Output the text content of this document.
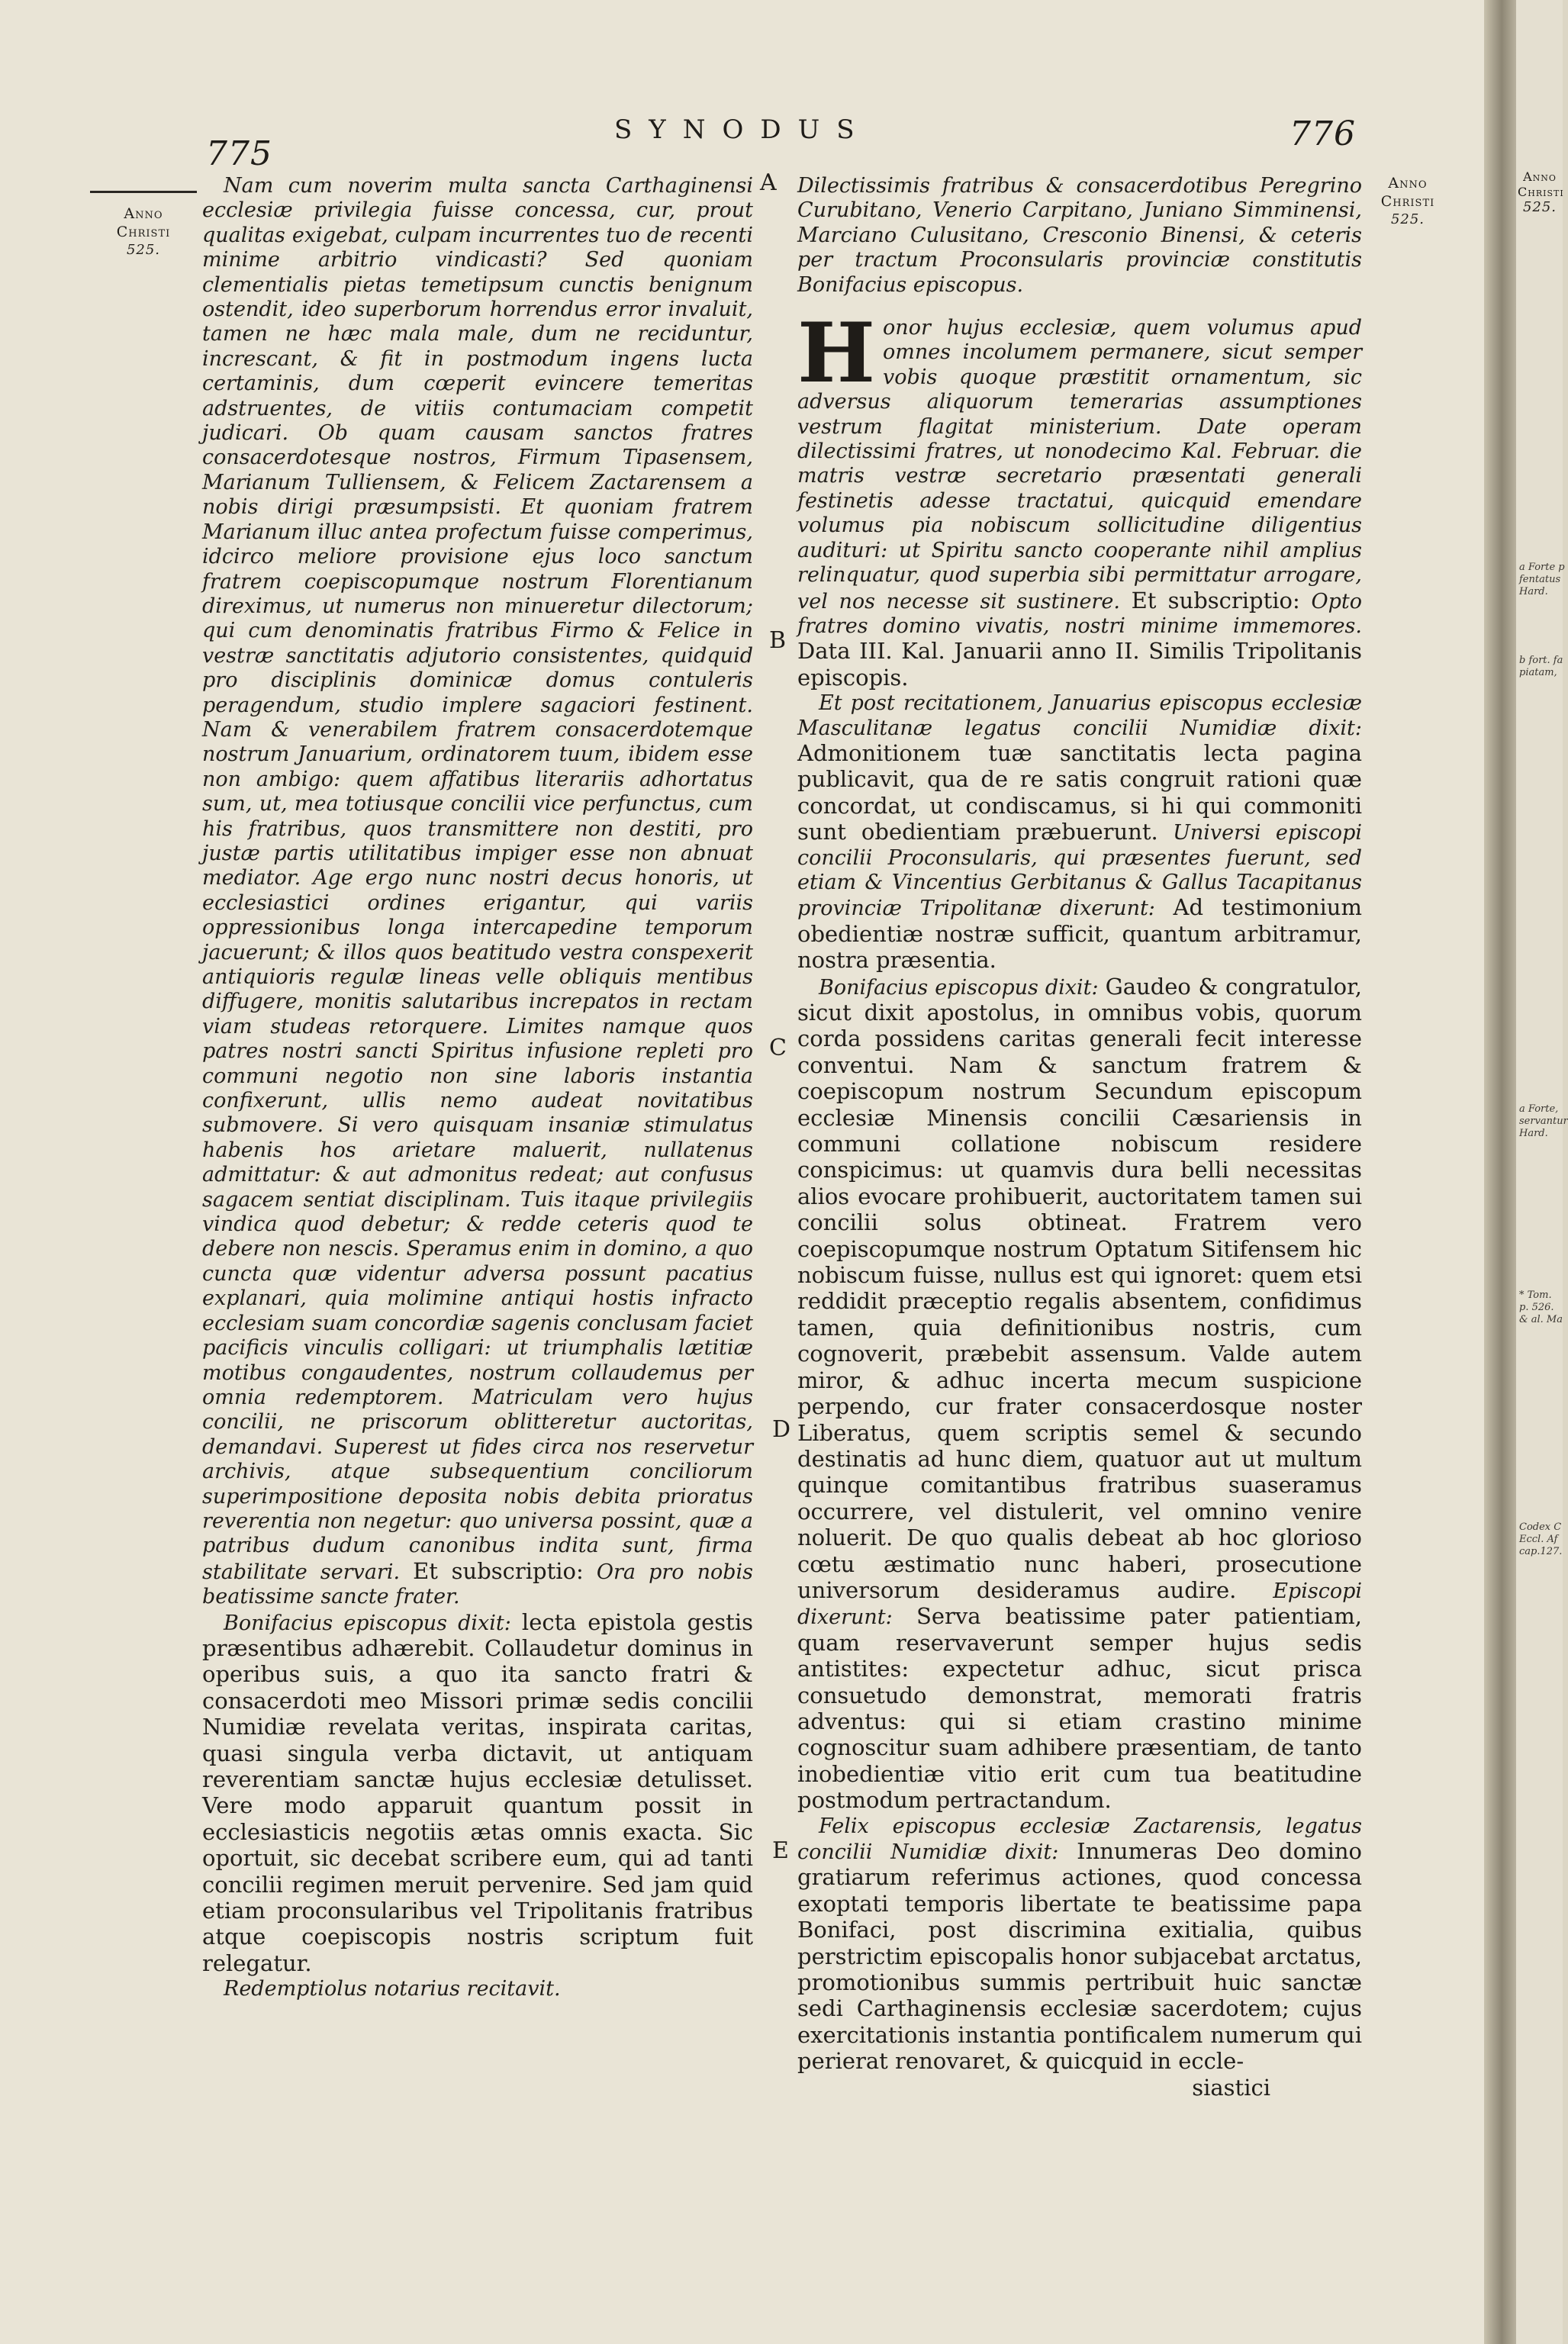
775
SYNODUS	776
Anno
Christi
525.
Anno
Christi
525.
A
B
C
D
E

Nam cum noverim multa sancta Carthaginensi ecclesiæ privilegia fuisse concessa, cur, prout qualitas exigebat, culpam incurrentes tuo de recenti minime arbitrio vindicasti? Sed quoniam clementialis pietas temetipsum cunctis benignum ostendit, ideo superborum horrendus error invaluit, tamen ne hæc mala male, dum ne reciduntur, increscant, & fit in postmodum ingens lucta certaminis, dum cœperit evincere temeritas adstruentes, de vitiis contumaciam competit judicari. Ob quam causam sanctos fratres consacerdotesque nostros, Firmum Tipasensem, Marianum Tulliensem, & Felicem Zactarensem a nobis dirigi præsumpsisti. Et quoniam fratrem Marianum illuc antea profectum fuisse comperimus, idcirco meliore provisione ejus loco sanctum fratrem coepiscopumque nostrum Florentianum direximus, ut numerus non minueretur dilectorum; qui cum denominatis fratribus Firmo & Felice in vestræ sanctitatis adjutorio consistentes, quidquid pro disciplinis dominicæ domus contuleris peragendum, studio implere sagaciori festinent. Nam & venerabilem fratrem consacerdotemque nostrum Januarium, ordinatorem tuum, ibidem esse non ambigo: quem affatibus literariis adhortatus sum, ut, mea totiusque concilii vice perfunctus, cum his fratribus, quos transmittere non destiti, pro justæ partis utilitatibus impiger esse non abnuat mediator. Age ergo nunc nostri decus honoris, ut ecclesiastici ordines erigantur, qui variis oppressionibus longa intercapedine temporum jacuerunt; & illos quos beatitudo vestra conspexerit antiquioris regulæ lineas velle obliquis mentibus diffugere, monitis salutaribus increpatos in rectam viam studeas retorquere. Limites namque quos patres nostri sancti Spiritus infusione repleti pro communi negotio non sine laboris instantia confixerunt, ullis nemo audeat novitatibus submovere. Si vero quisquam insaniæ stimulatus habenis hos arietare maluerit, nullatenus admittatur: & aut admonitus redeat; aut confusus sagacem sentiat disciplinam. Tuis itaque privilegiis vindica quod debetur; & redde ceteris quod te debere non nescis. Speramus enim in domino, a quo cuncta quæ videntur adversa possunt pacatius explanari, quia molimine antiqui hostis infracto ecclesiam suam concordiæ sagenis conclusam faciet pacificis vinculis colligari: ut triumphalis lætitiæ motibus congaudentes, nostrum collaudemus per omnia redemptorem. Matriculam vero hujus concilii, ne priscorum oblitteretur auctoritas, demandavi. Superest ut fides circa nos reservetur archivis, atque subsequentium conciliorum superimpositione deposita nobis debita prioratus reverentia non negetur: quo universa possint, quæ a patribus dudum canonibus indita sunt, firma stabilitate servari. Et subscriptio: Ora pro nobis beatissime sancte frater.

Bonifacius episcopus dixit: lecta epistola gestis præsentibus adhærebit. Collaudetur dominus in operibus suis, a quo ita sancto fratri & consacerdoti meo Missori primæ sedis concilii Numidiæ revelata veritas, inspirata caritas, quasi singula verba dictavit, ut antiquam reverentiam sanctæ hujus ecclesiæ detulisset. Vere modo apparuit quantum possit in ecclesiasticis negotiis ætas omnis exacta. Sic oportuit, sic decebat scribere eum, qui ad tanti concilii regimen meruit pervenire. Sed jam quid etiam proconsularibus vel Tripolitanis fratribus atque coepiscopis nostris scriptum fuit relegatur.

Redemptiolus notarius recitavit.

Dilectissimis fratribus & consacerdotibus Peregrino Curubitano, Venerio Carpitano, Juniano Simminensi, Marciano Culusitano, Cresconio Binensi, & ceteris per tractum Proconsularis provinciæ constitutis Bonifacius episcopus.

H onor hujus ecclesiæ, quem volumus apud omnes incolumem permanere, sicut semper vobis quoque præstitit ornamentum, sic adversus aliquorum temerarias assumptiones vestrum flagitat ministerium. Date operam dilectissimi fratres, ut nonodecimo Kal. Februar. die matris vestræ secretario præsentati generali festinetis adesse tractatui, quicquid emendare volumus pia nobiscum sollicitudine diligentius audituri: ut Spiritu sancto cooperante nihil amplius relinquatur, quod superbia sibi permittatur arrogare, vel nos necesse sit sustinere. Et subscriptio: Opto fratres domino vivatis, nostri minime immemores. Data III. Kal. Januarii anno II. Similis Tripolitanis episcopis.

Et post recitationem, Januarius episcopus ecclesiæ Masculitanæ legatus concilii Numidiæ dixit: Admonitionem tuæ sanctitatis lecta pagina publicavit, qua de re satis congruit rationi quæ concordat, ut condiscamus, si hi qui commoniti sunt obedientiam præbuerunt. Universi episcopi concilii Proconsularis, qui præsentes fuerunt, sed etiam & Vincentius Gerbitanus & Gallus Tacapitanus provinciæ Tripolitanæ dixerunt: Ad testimonium obedientiæ nostræ sufficit, quantum arbitramur, nostra præsentia.

Bonifacius episcopus dixit: Gaudeo & congratulor, sicut dixit apostolus, in omnibus vobis, quorum corda possidens caritas generali fecit interesse conventui. Nam & sanctum fratrem & coepiscopum nostrum Secundum episcopum ecclesiæ Minensis concilii Cæsariensis in communi collatione nobiscum residere conspicimus: ut quamvis dura belli necessitas alios evocare prohibuerit, auctoritatem tamen sui concilii solus obtineat. Fratrem vero coepiscopumque nostrum Optatum Sitifensem hic nobiscum fuisse, nullus est qui ignoret: quem etsi reddidit præceptio regalis absentem, confidimus tamen, quia definitionibus nostris, cum cognoverit, præbebit assensum. Valde autem miror, & adhuc incerta mecum suspicione perpendo, cur frater consacerdosque noster Liberatus, quem scriptis semel & secundo destinatis ad hunc diem, quatuor aut ut multum quinque comitantibus fratribus suaseramus occurrere, vel distulerit, vel omnino venire noluerit. De quo qualis debeat ab hoc glorioso cœtu æstimatio nunc haberi, prosecutione universorum desideramus audire. Episcopi dixerunt: Serva beatissime pater patientiam, quam reservaverunt semper hujus sedis antistites: expectetur adhuc, sicut prisca consuetudo demonstrat, memorati fratris adventus: qui si etiam crastino minime cognoscitur suam adhibere præsentiam, de tanto inobedientiæ vitio erit cum tua beatitudine postmodum pertractandum.

Felix episcopus ecclesiæ Zactarensis, legatus concilii Numidiæ dixit: Innumeras Deo domino gratiarum referimus actiones, quod concessa exoptati temporis libertate te beatissime papa Bonifaci, post discrimina exitialia, quibus perstrictim episcopalis honor subjacebat arctatus, promotionibus summis pertribuit huic sanctæ sedi Carthaginensis ecclesiæ sacerdotem; cujus exercitationis instantia pontificalem numerum qui perierat renovaret, & quicquid in eccle-

siastici

Anno
Christi
525.
a Forte p
fentatus
Hard.
b fort. fa
piatam,
a Forte,
servantur
Hard.
* Tom.
p. 526.
& al. Ma
Codex C
Eccl. Af
cap.127.
